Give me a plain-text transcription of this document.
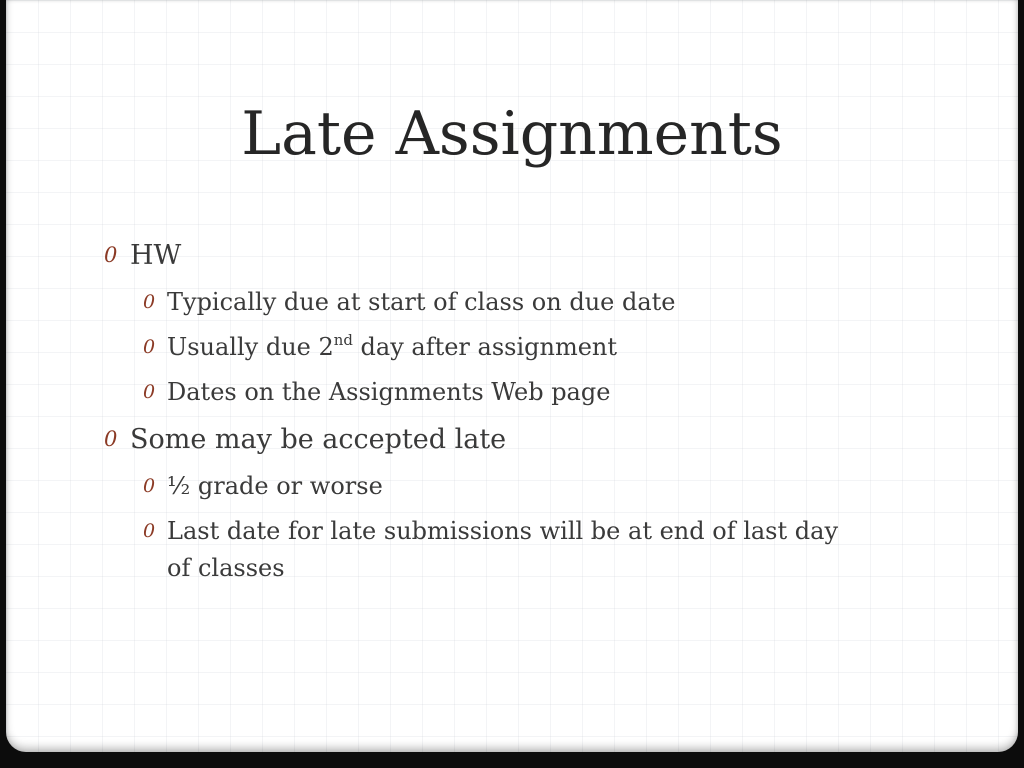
Late Assignments
0 HW
0 Typically due at start of class on due date
0 Usually due 2nd day after assignment
0 Dates on the Assignments Web page
0 Some may be accepted late
0 ½ grade or worse
0 Last date for late submissions will be at end of last day
of classes
